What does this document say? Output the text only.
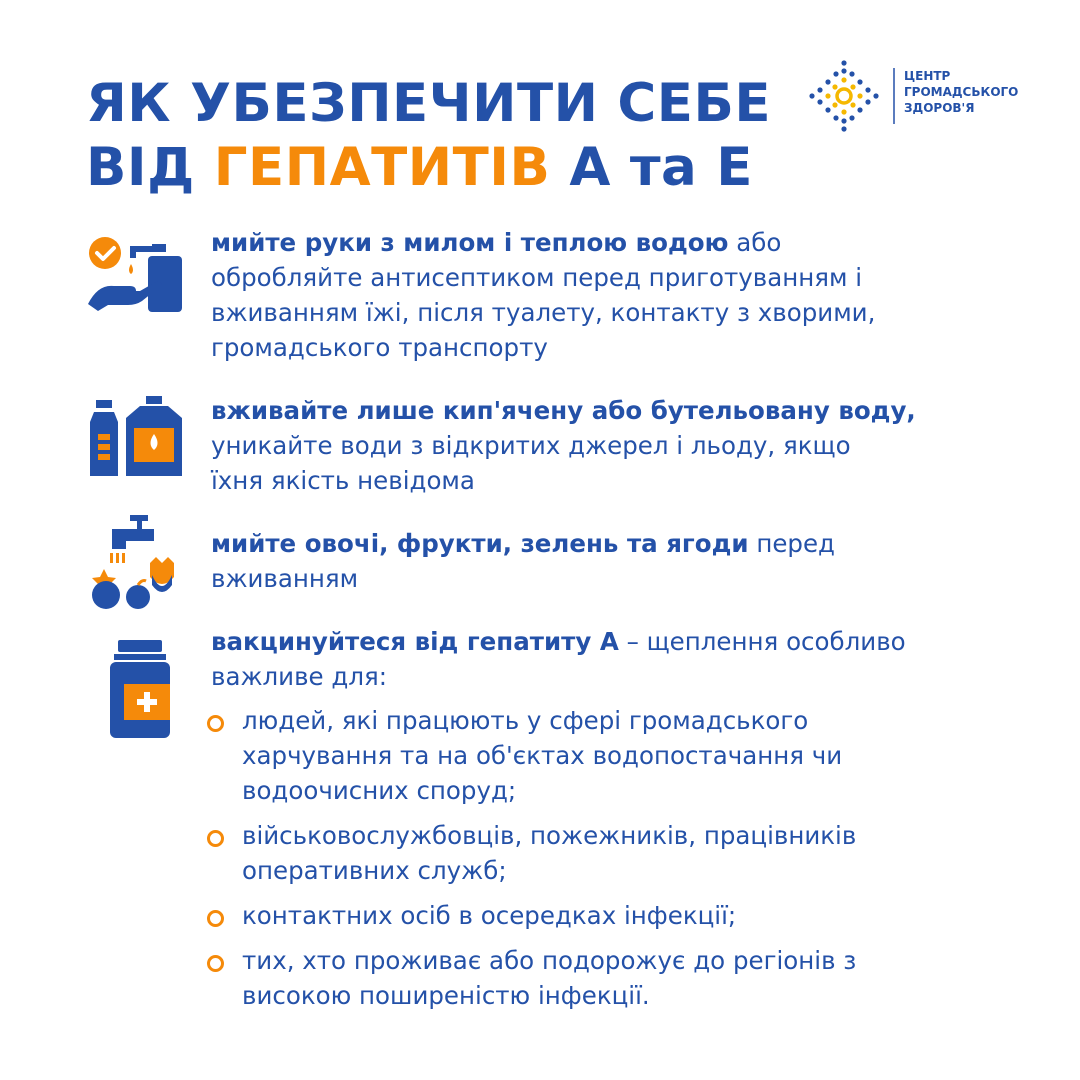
ЯК УБЕЗПЕЧИТИ СЕБЕ
ВІД ГЕПАТИТІВ А та Е
ЦЕНТР
ГРОМАДСЬКОГО
ЗДОРОВ'Я

мийте руки з милом і теплою водою або
обробляйте антисептиком перед приготуванням і
вживанням їжі, після туалету, контакту з хворими,
громадського транспорту

вживайте лише кип'ячену або бутельовану воду,
уникайте води з відкритих джерел і льоду, якщо
їхня якість невідома

мийте овочі, фрукти, зелень та ягоди перед
вживанням

вакцинуйтеся від гепатиту А – щеплення особливо
важливе для:

людей, які працюють у сфері громадського
харчування та на об'єктах водопостачання чи
водоочисних споруд;
військовослужбовців, пожежників, працівників
оперативних служб;
контактних осіб в осередках інфекції;
тих, хто проживає або подорожує до регіонів з
високою поширеністю інфекції.
